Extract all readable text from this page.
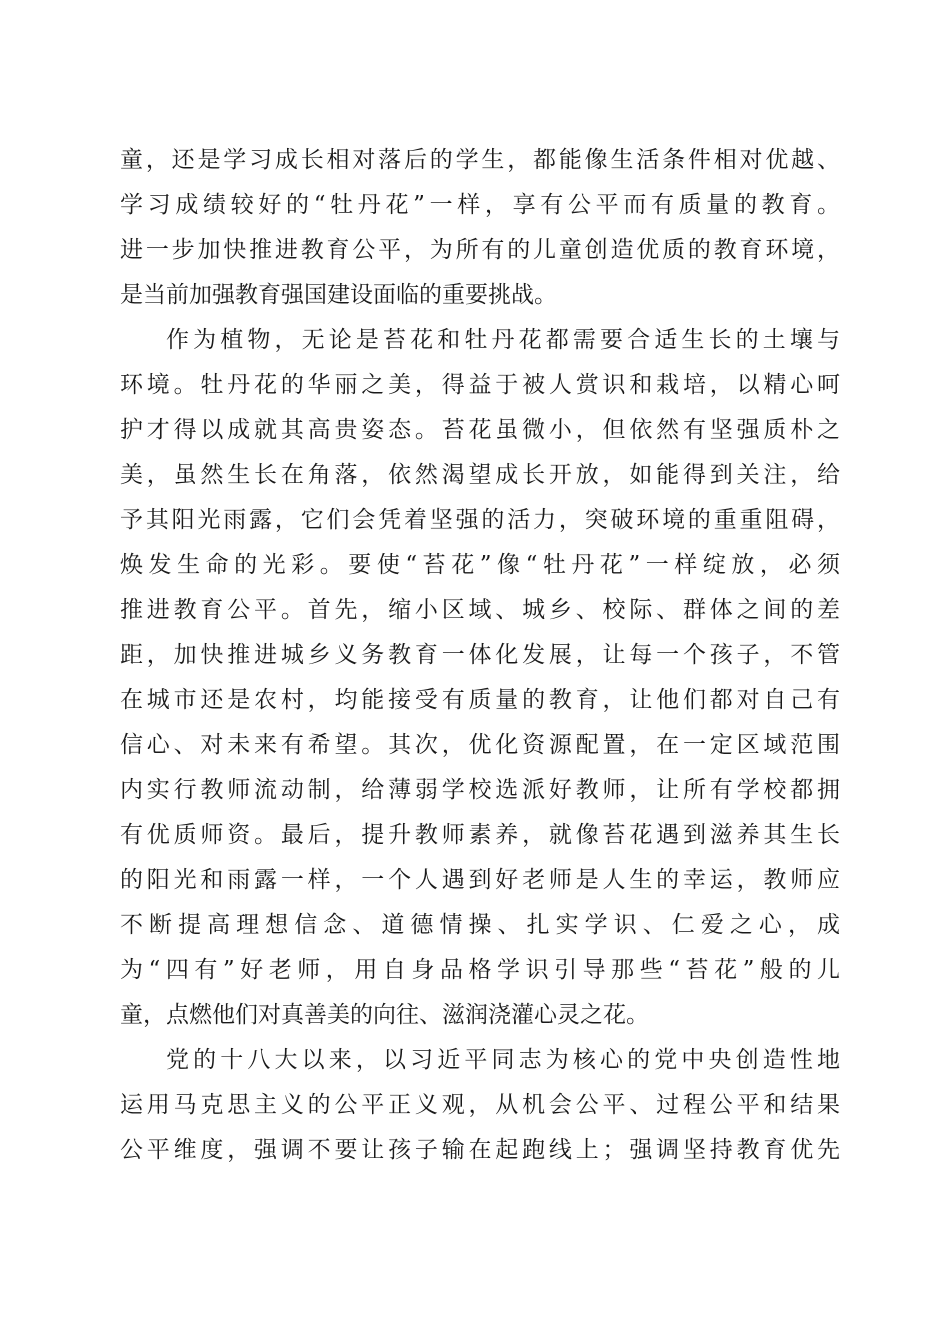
童，还是学习成长相对落后的学生，都能像生活条件相对优越、
学习成绩较好的“牡丹花”一样，享有公平而有质量的教育。
进一步加快推进教育公平，为所有的儿童创造优质的教育环境，
是当前加强教育强国建设面临的重要挑战。
作为植物，无论是苔花和牡丹花都需要合适生长的土壤与
环境。牡丹花的华丽之美，得益于被人赏识和栽培，以精心呵
护才得以成就其高贵姿态。苔花虽微小，但依然有坚强质朴之
美，虽然生长在角落，依然渴望成长开放，如能得到关注，给
予其阳光雨露，它们会凭着坚强的活力，突破环境的重重阻碍，
焕发生命的光彩。要使“苔花”像“牡丹花”一样绽放，必须
推进教育公平。首先，缩小区域、城乡、校际、群体之间的差
距，加快推进城乡义务教育一体化发展，让每一个孩子，不管
在城市还是农村，均能接受有质量的教育，让他们都对自己有
信心、对未来有希望。其次，优化资源配置，在一定区域范围
内实行教师流动制，给薄弱学校选派好教师，让所有学校都拥
有优质师资。最后，提升教师素养，就像苔花遇到滋养其生长
的阳光和雨露一样，一个人遇到好老师是人生的幸运，教师应
不断提高理想信念、道德情操、扎实学识、仁爱之心，成
为“四有”好老师，用自身品格学识引导那些“苔花”般的儿
童，点燃他们对真善美的向往、滋润浇灌心灵之花。
党的十八大以来，以习近平同志为核心的党中央创造性地
运用马克思主义的公平正义观，从机会公平、过程公平和结果
公平维度，强调不要让孩子输在起跑线上；强调坚持教育优先
